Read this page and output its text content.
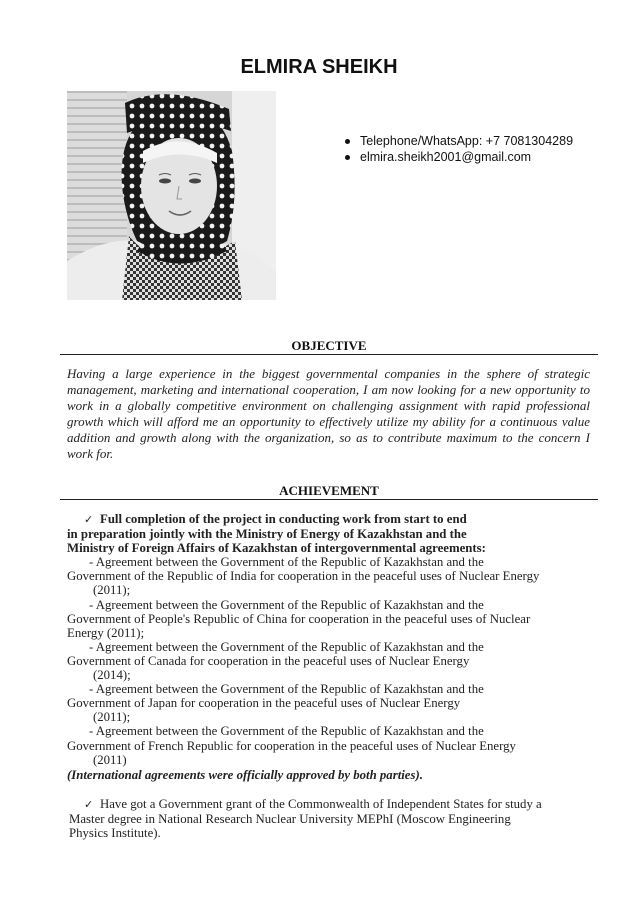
ELMIRA SHEIKH
Telephone/WhatsApp: +7 7081304289
elmira.sheikh2001@gmail.com
OBJECTIVE
Having a large experience in the biggest governmental companies in the sphere of strategic management, marketing and international cooperation, I am now looking for a new opportunity to work in a globally competitive environment on challenging assignment with rapid professional growth which will afford me an opportunity to effectively utilize my ability for a continuous value addition and growth along with the organization, so as to contribute maximum to the concern I work for.
ACHIEVEMENT
✓ Full completion of the project in conducting work from start to end
in preparation jointly with the Ministry of Energy of Kazakhstan and the
Ministry of Foreign Affairs of Kazakhstan of intergovernmental agreements:
- Agreement between the Government of the Republic of Kazakhstan and the
Government of the Republic of India for cooperation in the peaceful uses of Nuclear Energy
(2011);
- Agreement between the Government of the Republic of Kazakhstan and the
Government of People's Republic of China for cooperation in the peaceful uses of Nuclear
Energy (2011);
- Agreement between the Government of the Republic of Kazakhstan and the
Government of Canada for cooperation in the peaceful uses of Nuclear Energy
(2014);
- Agreement between the Government of the Republic of Kazakhstan and the
Government of Japan for cooperation in the peaceful uses of Nuclear Energy
(2011);
- Agreement between the Government of the Republic of Kazakhstan and the
Government of French Republic for cooperation in the peaceful uses of Nuclear Energy
(2011)
(International agreements were officially approved by both parties).
✓ Have got a Government grant of the Commonwealth of Independent States for study a
Master degree in National Research Nuclear University MEPhI (Moscow Engineering
Physics Institute).
